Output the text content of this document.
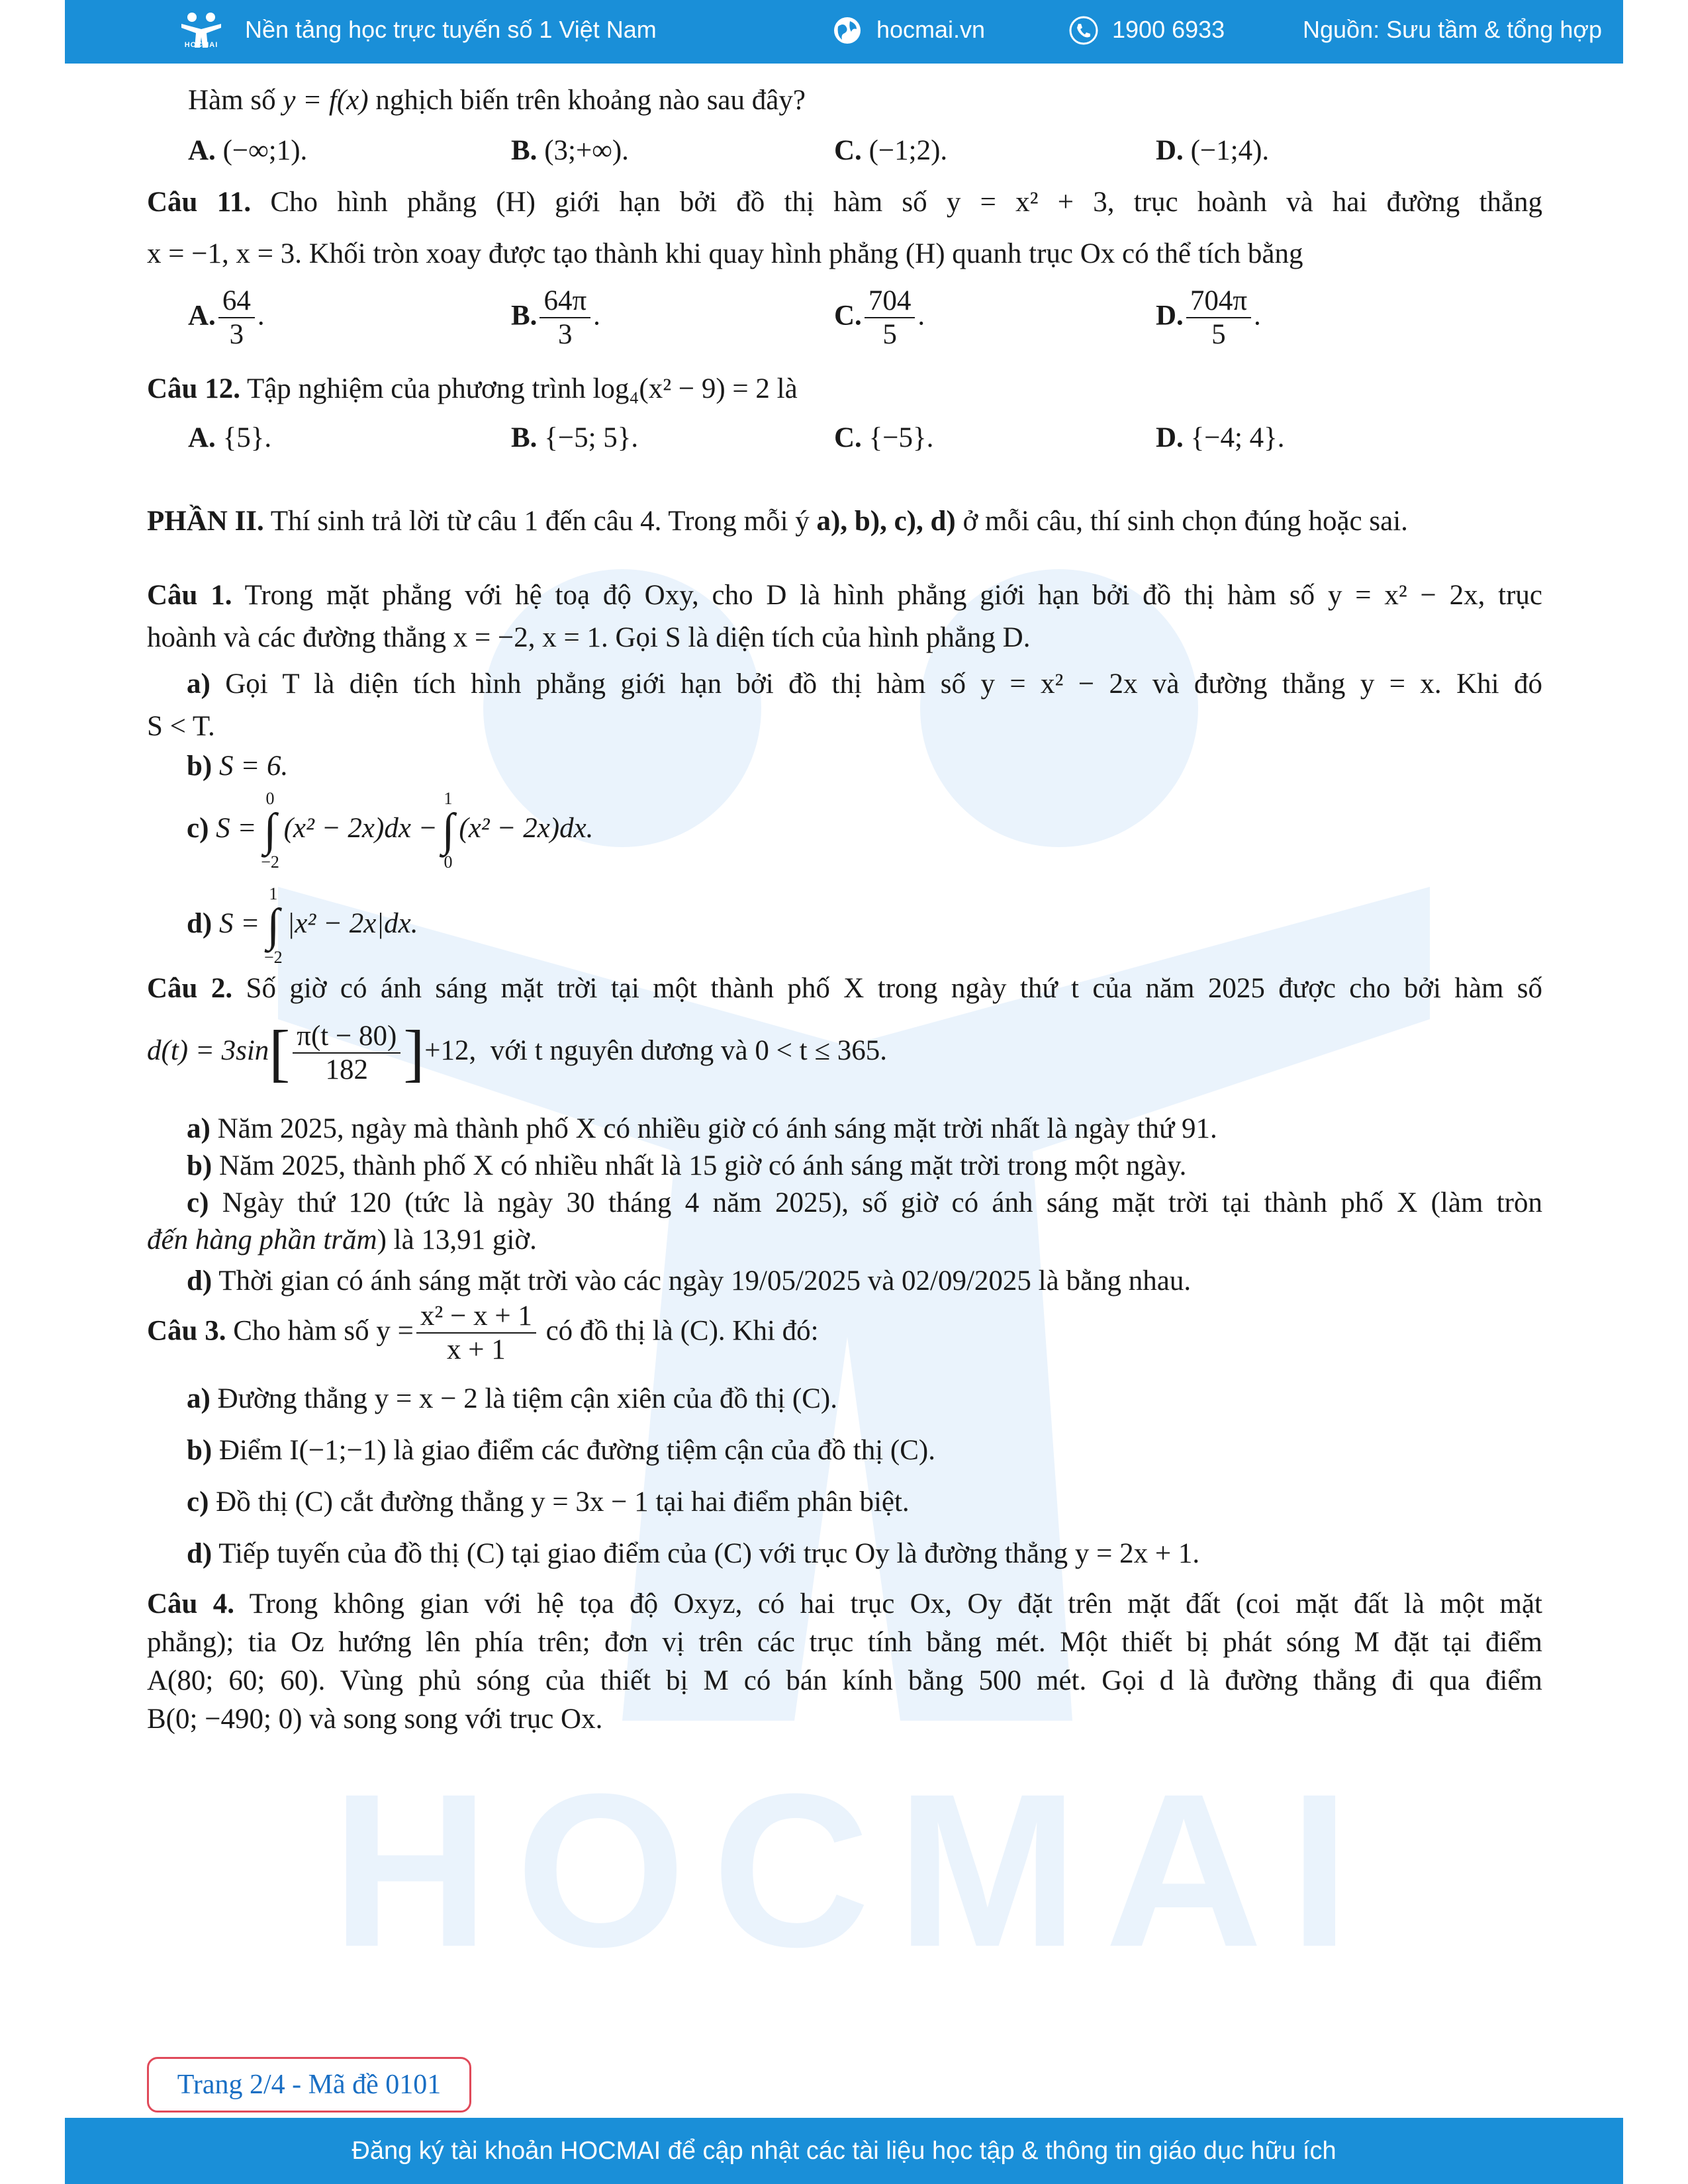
HOCMAI
Nền tảng học trực tuyến số 1 Việt Nam	hocmai.vn	1900 6933	Nguồn: Sưu tầm & tổng hợp
HOCMAI
Hàm số y = f(x) nghịch biến trên khoảng nào sau đây?
A. (−∞;1).	B. (3;+∞).	C. (−1;2).	D. (−1;4).
Câu 11. Cho hình phẳng (H) giới hạn bởi đồ thị hàm số y = x² + 3, trục hoành và hai đường thẳng
x = −1, x = 3. Khối tròn xoay được tạo thành khi quay hình phẳng (H) quanh trục Ox có thể tích bằng
A. $\frac{64}{3}$ .	B. $\frac{64\pi}{3}$ .	C. $\frac{704}{5}$ .	D. $\frac{704\pi}{5}$ .
Câu 12. Tập nghiệm của phương trình log₄(x² − 9) = 2 là
A. {5}.	B. {−5; 5}.	C. {−5}.	D. {−4; 4}.
PHẦN II. Thí sinh trả lời từ câu 1 đến câu 4. Trong mỗi ý a), b), c), d) ở mỗi câu, thí sinh chọn đúng hoặc sai.
Câu 1. Trong mặt phẳng với hệ toạ độ Oxy, cho D là hình phẳng giới hạn bởi đồ thị hàm số y = x² − 2x, trục
hoành và các đường thẳng x = −2, x = 1. Gọi S là diện tích của hình phẳng D.
a) Gọi T là diện tích hình phẳng giới hạn bởi đồ thị hàm số y = x² − 2x và đường thẳng y = x. Khi đó
S < T.
b) S = 6.
c) S = 0
∫
−2 (x² − 2x)dx − 1
∫
0 (x² − 2x)dx.
d) S = 1
∫
−2 |x² − 2x|dx.
Câu 2. Số giờ có ánh sáng mặt trời tại một thành phố X trong ngày thứ t của năm 2025 được cho bởi hàm số
$d(t) = 3\sin[ \frac{\pi(t - 80)}{182} ]+12$, với t nguyên dương và 0 < t ≤ 365.
a) Năm 2025, ngày mà thành phố X có nhiều giờ có ánh sáng mặt trời nhất là ngày thứ 91.
b) Năm 2025, thành phố X có nhiều nhất là 15 giờ có ánh sáng mặt trời trong một ngày.
c) Ngày thứ 120 (tức là ngày 30 tháng 4 năm 2025), số giờ có ánh sáng mặt trời tại thành phố X (làm tròn
đến hàng phần trăm) là 13,91 giờ.
d) Thời gian có ánh sáng mặt trời vào các ngày 19/05/2025 và 02/09/2025 là bằng nhau.
Câu 3. Cho hàm số $y = \frac{\text{x² − x + 1}}{x + 1}$ có đồ thị là (C). Khi đó:
a) Đường thẳng y = x − 2 là tiệm cận xiên của đồ thị (C).
b) Điểm I(−1;−1) là giao điểm các đường tiệm cận của đồ thị (C).
c) Đồ thị (C) cắt đường thẳng y = 3x − 1 tại hai điểm phân biệt.
d) Tiếp tuyến của đồ thị (C) tại giao điểm của (C) với trục Oy là đường thẳng y = 2x + 1.
Câu 4. Trong không gian với hệ tọa độ Oxyz, có hai trục Ox, Oy đặt trên mặt đất (coi mặt đất là một mặt
phẳng); tia Oz hướng lên phía trên; đơn vị trên các trục tính bằng mét. Một thiết bị phát sóng M đặt tại điểm
A(80; 60; 60). Vùng phủ sóng của thiết bị M có bán kính bằng 500 mét. Gọi d là đường thẳng đi qua điểm
B(0; −490; 0) và song song với trục Ox.
Trang 2/4 - Mã đề 0101
Đăng ký tài khoản HOCMAI để cập nhật các tài liệu học tập & thông tin giáo dục hữu ích
